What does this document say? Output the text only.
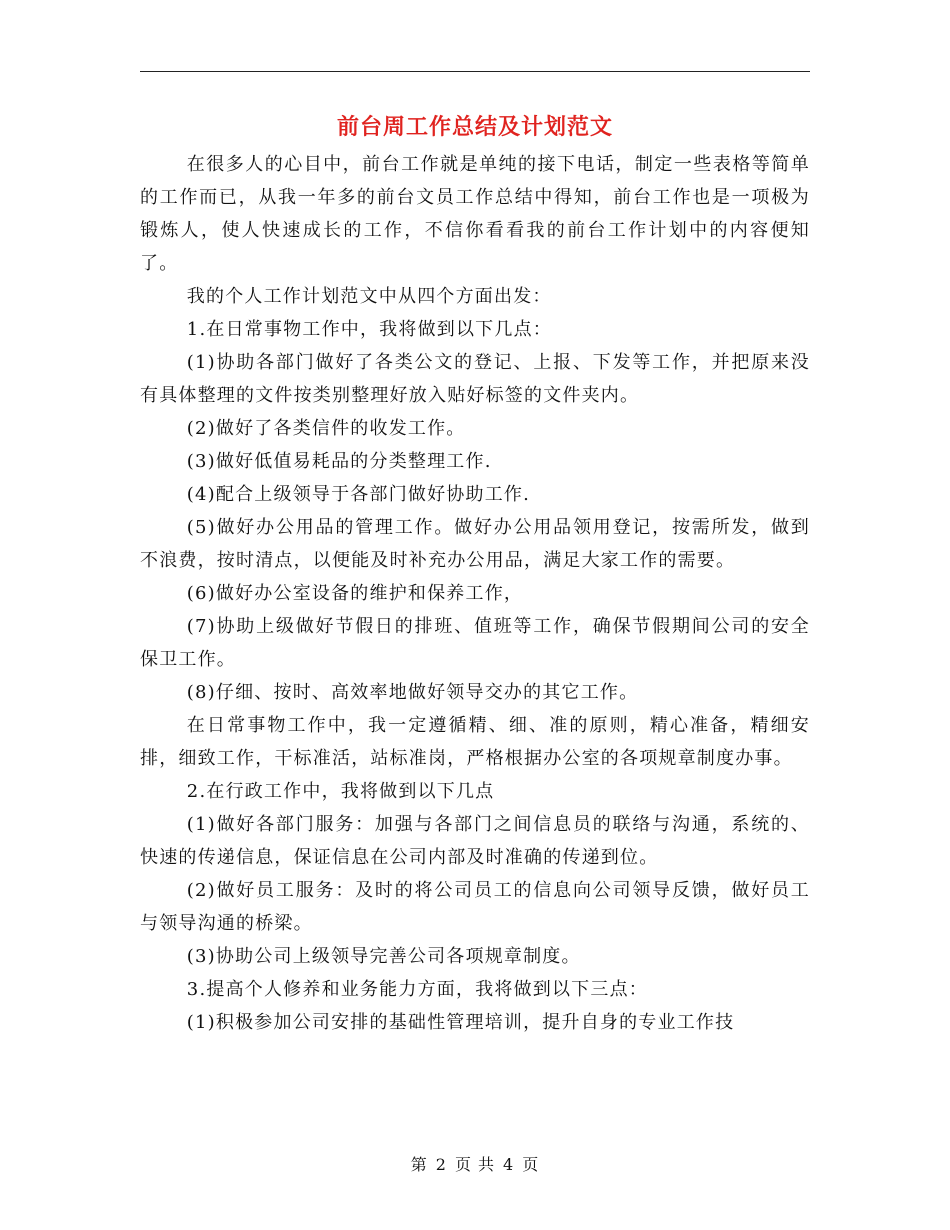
前台周工作总结及计划范文

在很多人的心目中，前台工作就是单纯的接下电话，制定一些表格等简单的工作而已，从我一年多的前台文员工作总结中得知，前台工作也是一项极为锻炼人，使人快速成长的工作，不信你看看我的前台工作计划中的内容便知了。

我的个人工作计划范文中从四个方面出发：

1.在日常事物工作中，我将做到以下几点：

(1)协助各部门做好了各类公文的登记、上报、下发等工作，并把原来没有具体整理的文件按类别整理好放入贴好标签的文件夹内。

(2)做好了各类信件的收发工作。

(3)做好低值易耗品的分类整理工作.

(4)配合上级领导于各部门做好协助工作.

(5)做好办公用品的管理工作。做好办公用品领用登记，按需所发，做到不浪费，按时清点，以便能及时补充办公用品，满足大家工作的需要。

(6)做好办公室设备的维护和保养工作，

(7)协助上级做好节假日的排班、值班等工作，确保节假期间公司的安全保卫工作。

(8)仔细、按时、高效率地做好领导交办的其它工作。

在日常事物工作中，我一定遵循精、细、准的原则，精心准备，精细安排，细致工作，干标准活，站标准岗，严格根据办公室的各项规章制度办事。

2.在行政工作中，我将做到以下几点

(1)做好各部门服务：加强与各部门之间信息员的联络与沟通，系统的、快速的传递信息，保证信息在公司内部及时准确的传递到位。

(2)做好员工服务：及时的将公司员工的信息向公司领导反馈，做好员工与领导沟通的桥梁。

(3)协助公司上级领导完善公司各项规章制度。

3.提高个人修养和业务能力方面，我将做到以下三点：

(1)积极参加公司安排的基础性管理培训，提升自身的专业工作技

第 2 页 共 4 页
